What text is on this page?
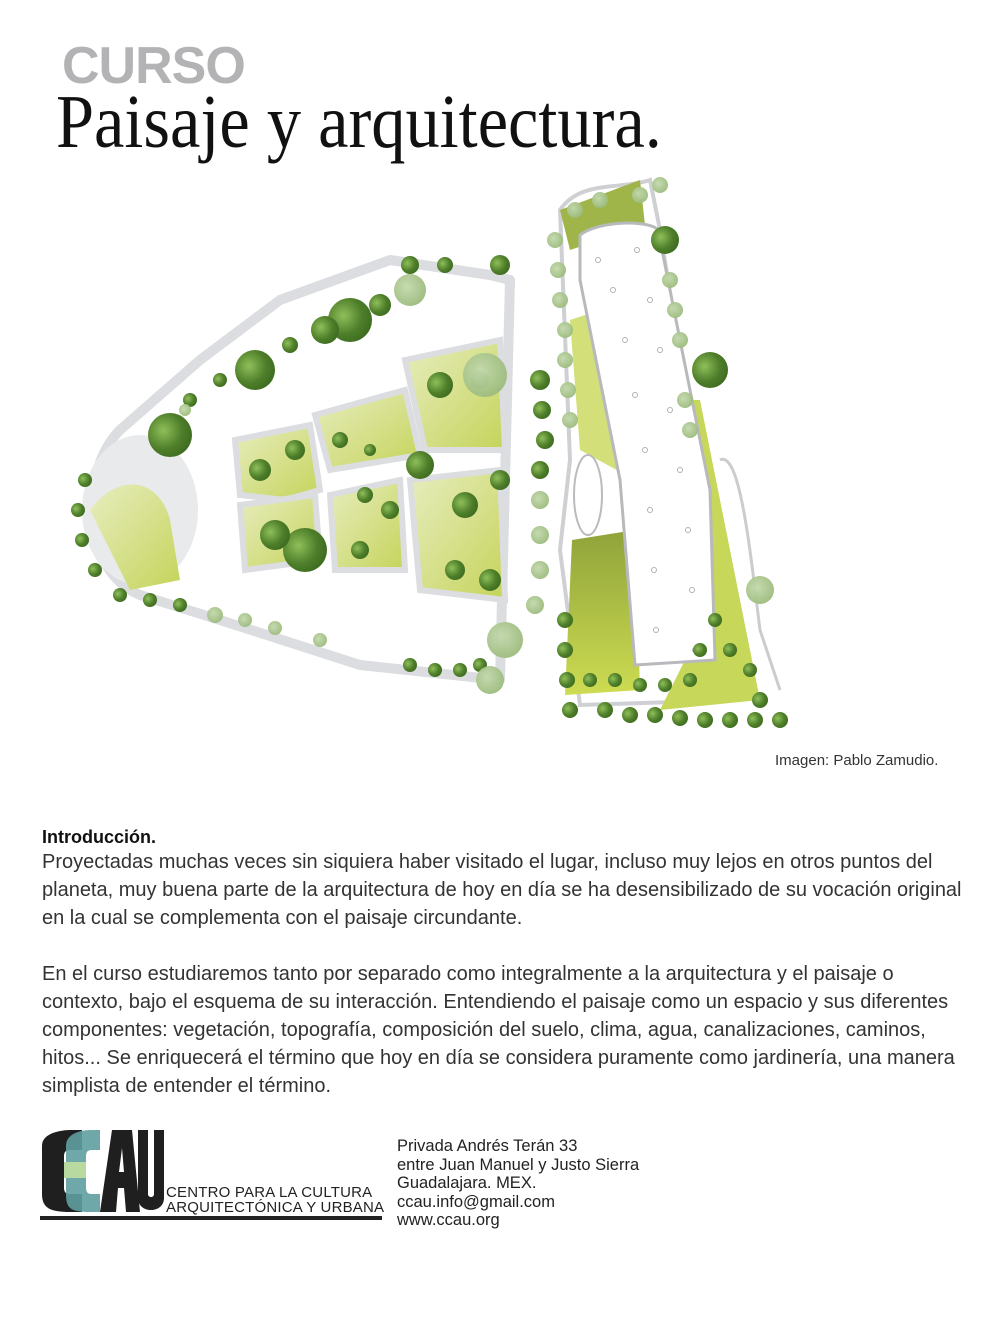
CURSO
Paisaje y arquitectura.
Imagen: Pablo Zamudio.
Introducción.

Proyectadas muchas veces sin siquiera haber visitado el lugar, incluso muy lejos en otros puntos del planeta, muy buena parte de la arquitectura de hoy en día se ha desensibilizado de su vocación original en la cual se complementa con el paisaje circundante.

En el curso estudiaremos tanto por separado como integralmente a la arquitectura y el paisaje o contexto, bajo el esquema de su interacción. Entendiendo el paisaje como un espacio y sus diferentes componentes: vegetación, topografía, composición del suelo, clima, agua, canalizaciones, caminos, hitos... Se enriquecerá el término que hoy en día se considera puramente como jardinería, una manera simplista de entender el término.

CENTRO PARA LA CULTURA
ARQUITECTÓNICA Y URBANA
Privada Andrés Terán 33
entre Juan Manuel y Justo Sierra
Guadalajara. MEX.
ccau.info@gmail.com
www.ccau.org
